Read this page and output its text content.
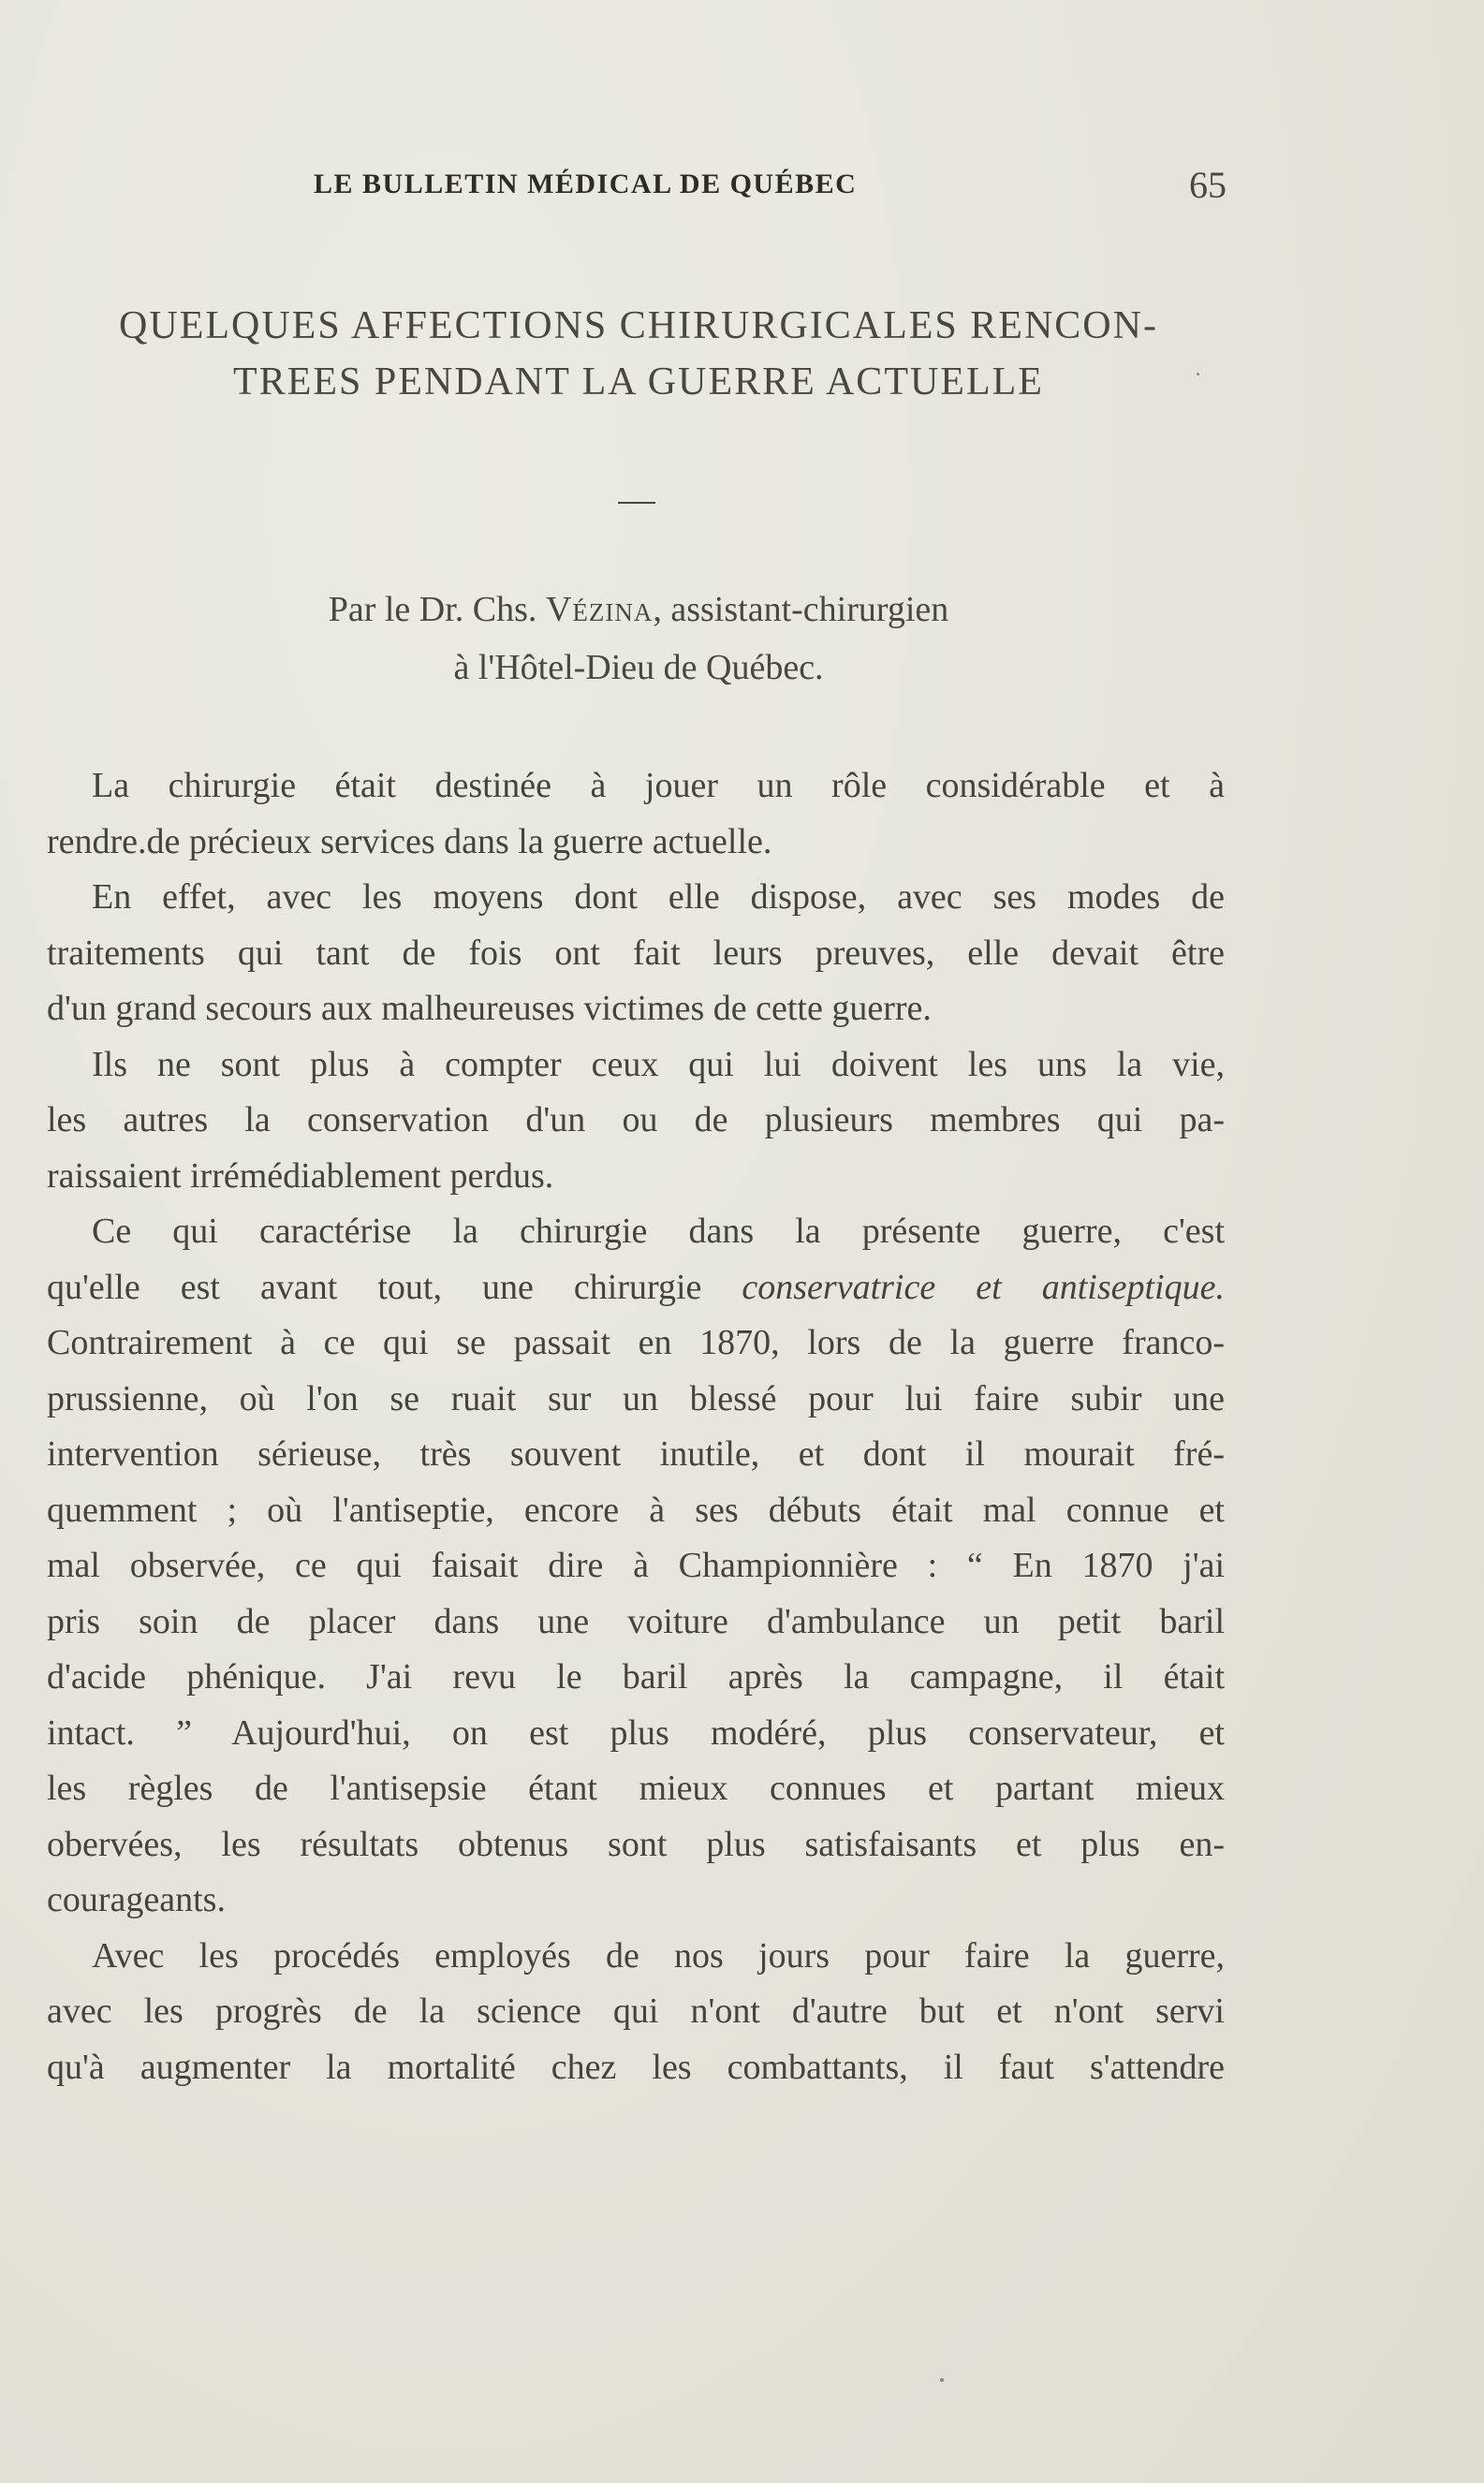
LE BULLETIN MÉDICAL DE QUÉBEC	65
QUELQUES AFFECTIONS CHIRURGICALES RENCON-
TREES PENDANT LA GUERRE ACTUELLE
Par le Dr. Chs. Vézina, assistant-chirurgien
à l'Hôtel-Dieu de Québec.
La chirurgie était destinée à jouer un rôle considérable et à
rendre.de précieux services dans la guerre actuelle.
En effet, avec les moyens dont elle dispose, avec ses modes de
traitements qui tant de fois ont fait leurs preuves, elle devait être
d'un grand secours aux malheureuses victimes de cette guerre.
Ils ne sont plus à compter ceux qui lui doivent les uns la vie,
les autres la conservation d'un ou de plusieurs membres qui pa-
raissaient irrémédiablement perdus.
Ce qui caractérise la chirurgie dans la présente guerre, c'est
qu'elle est avant tout, une chirurgie conservatrice et antiseptique.
Contrairement à ce qui se passait en 1870, lors de la guerre franco-
prussienne, où l'on se ruait sur un blessé pour lui faire subir une
intervention sérieuse, très souvent inutile, et dont il mourait fré-
quemment ; où l'antiseptie, encore à ses débuts était mal connue et
mal observée, ce qui faisait dire à Championnière : “ En 1870 j'ai
pris soin de placer dans une voiture d'ambulance un petit baril
d'acide phénique. J'ai revu le baril après la campagne, il était
intact. ” Aujourd'hui, on est plus modéré, plus conservateur, et
les règles de l'antisepsie étant mieux connues et partant mieux
obervées, les résultats obtenus sont plus satisfaisants et plus en-
courageants.
Avec les procédés employés de nos jours pour faire la guerre,
avec les progrès de la science qui n'ont d'autre but et n'ont servi
qu'à augmenter la mortalité chez les combattants, il faut s'attendre
